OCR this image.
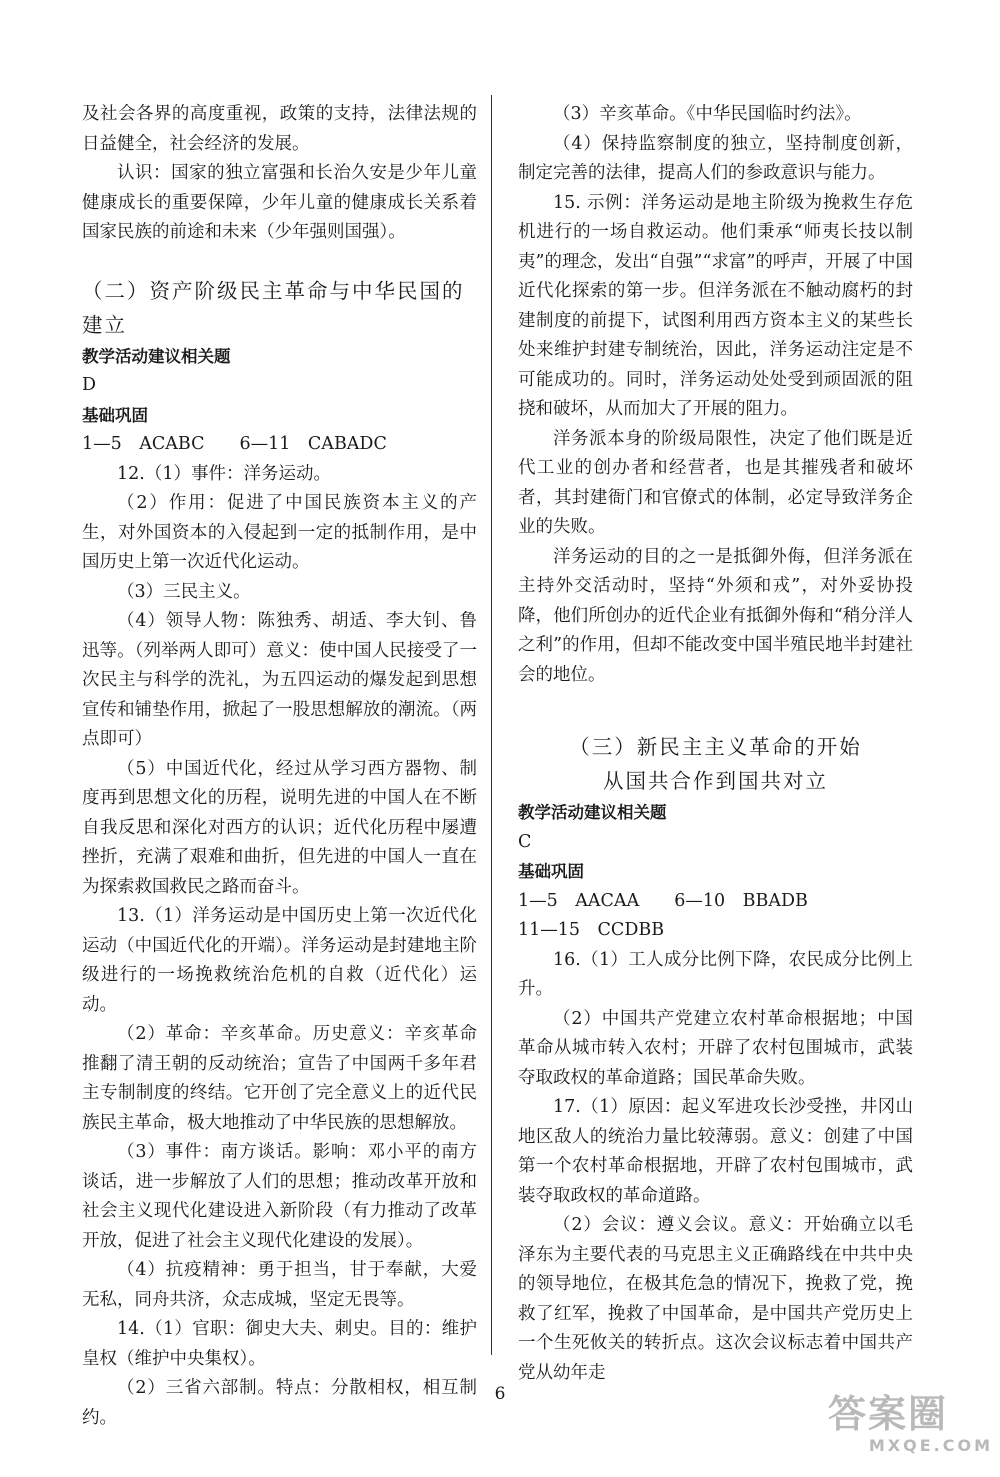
及社会各界的高度重视，政策的支持，法律法规的日益健全，社会经济的发展。

认识：国家的独立富强和长治久安是少年儿童健康成长的重要保障，少年儿童的健康成长关系着国家民族的前途和未来（少年强则国强）。

（二）资产阶级民主革命与中华民国的建立

教学活动建议相关题

D

基础巩固

1—5　ACABC　　6—11　CABADC

12.（1）事件：洋务运动。

（2）作用：促进了中国民族资本主义的产生，对外国资本的入侵起到一定的抵制作用，是中国历史上第一次近代化运动。

（3）三民主义。

（4）领导人物：陈独秀、胡适、李大钊、鲁迅等。（列举两人即可）意义：使中国人民接受了一次民主与科学的洗礼，为五四运动的爆发起到思想宣传和铺垫作用，掀起了一股思想解放的潮流。（两点即可）

（5）中国近代化，经过从学习西方器物、制度再到思想文化的历程，说明先进的中国人在不断自我反思和深化对西方的认识；近代化历程中屡遭挫折，充满了艰难和曲折，但先进的中国人一直在为探索救国救民之路而奋斗。

13.（1）洋务运动是中国历史上第一次近代化运动（中国近代化的开端）。洋务运动是封建地主阶级进行的一场挽救统治危机的自救（近代化）运动。

（2）革命：辛亥革命。历史意义：辛亥革命推翻了清王朝的反动统治；宣告了中国两千多年君主专制制度的终结。它开创了完全意义上的近代民族民主革命，极大地推动了中华民族的思想解放。

（3）事件：南方谈话。影响：邓小平的南方谈话，进一步解放了人们的思想；推动改革开放和社会主义现代化建设进入新阶段（有力推动了改革开放，促进了社会主义现代化建设的发展）。

（4）抗疫精神：勇于担当，甘于奉献，大爱无私，同舟共济，众志成城，坚定无畏等。

14.（1）官职：御史大夫、刺史。目的：维护皇权（维护中央集权）。

（2）三省六部制。特点：分散相权，相互制约。

（3）辛亥革命。《中华民国临时约法》。

（4）保持监察制度的独立，坚持制度创新，制定完善的法律，提高人们的参政意识与能力。

15. 示例：洋务运动是地主阶级为挽救生存危机进行的一场自救运动。他们秉承“师夷长技以制夷”的理念，发出“自强”“求富”的呼声，开展了中国近代化探索的第一步。但洋务派在不触动腐朽的封建制度的前提下，试图利用西方资本主义的某些长处来维护封建专制统治，因此，洋务运动注定是不可能成功的。同时，洋务运动处处受到顽固派的阻挠和破坏，从而加大了开展的阻力。

洋务派本身的阶级局限性，决定了他们既是近代工业的创办者和经营者，也是其摧残者和破坏者，其封建衙门和官僚式的体制，必定导致洋务企业的失败。

洋务运动的目的之一是抵御外侮，但洋务派在主持外交活动时，坚持“外须和戎”，对外妥协投降，他们所创办的近代企业有抵御外侮和“稍分洋人之利”的作用，但却不能改变中国半殖民地半封建社会的地位。

（三）新民主主义革命的开始

从国共合作到国共对立

教学活动建议相关题

C

基础巩固

1—5　AACAA　　6—10　BBADB

11—15　CCDBB

16.（1）工人成分比例下降，农民成分比例上升。

（2）中国共产党建立农村革命根据地；中国革命从城市转入农村；开辟了农村包围城市，武装夺取政权的革命道路；国民革命失败。

17.（1）原因：起义军进攻长沙受挫，井冈山地区敌人的统治力量比较薄弱。意义：创建了中国第一个农村革命根据地，开辟了农村包围城市，武装夺取政权的革命道路。

（2）会议：遵义会议。意义：开始确立以毛泽东为主要代表的马克思主义正确路线在中共中央的领导地位，在极其危急的情况下，挽救了党，挽救了红军，挽救了中国革命，是中国共产党历史上一个生死攸关的转折点。这次会议标志着中国共产党从幼年走

6	答案圈
MXQE.COM
